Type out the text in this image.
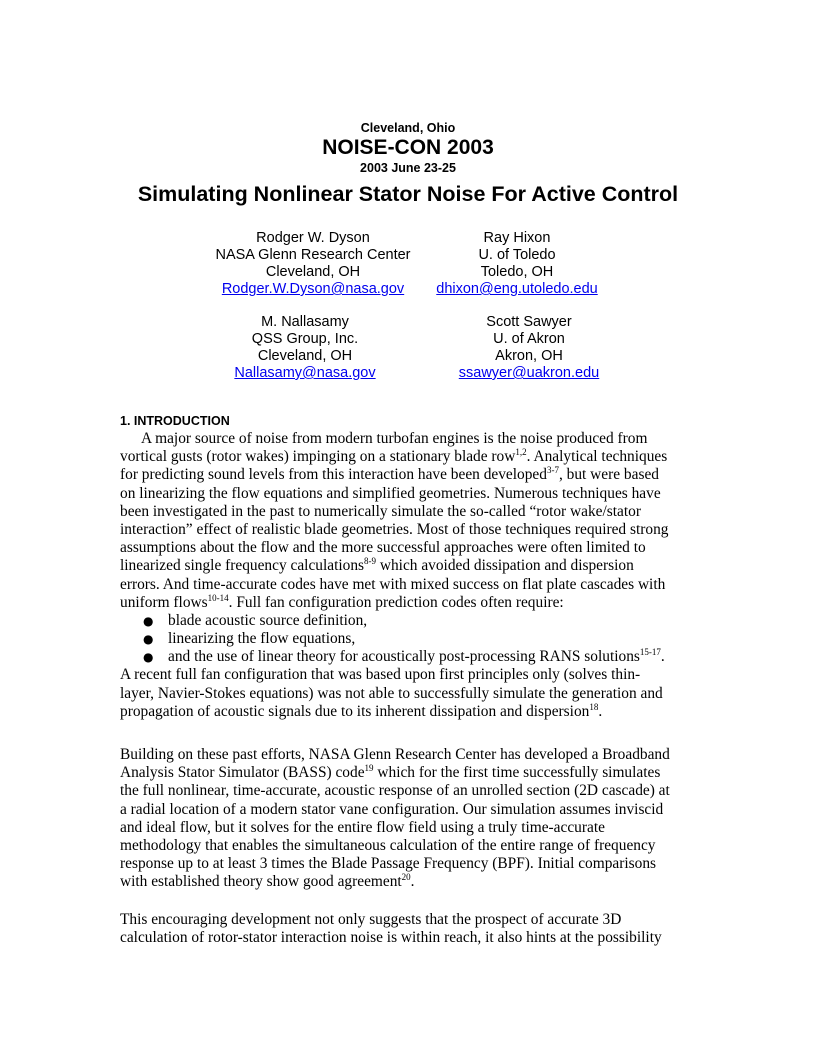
Cleveland, Ohio
NOISE-CON 2003
2003 June 23-25
Simulating Nonlinear Stator Noise For Active Control
Rodger W. Dyson
NASA Glenn Research Center
Cleveland, OH
Rodger.W.Dyson@nasa.gov
Ray Hixon
U. of Toledo
Toledo, OH
dhixon@eng.utoledo.edu
M. Nallasamy
QSS Group, Inc.
Cleveland, OH
Nallasamy@nasa.gov
Scott Sawyer
U. of Akron
Akron, OH
ssawyer@uakron.edu
1. INTRODUCTION
A major source of noise from modern turbofan engines is the noise produced from
vortical gusts (rotor wakes) impinging on a stationary blade row$^{1,2}$. Analytical techniques
for predicting sound levels from this interaction have been developed$^{3-7}$, but were based
on linearizing the flow equations and simplified geometries. Numerous techniques have
been investigated in the past to numerically simulate the so-called “rotor wake/stator
interaction” effect of realistic blade geometries. Most of those techniques required strong
assumptions about the flow and the more successful approaches were often limited to
linearized single frequency calculations$^{8-9}$ which avoided dissipation and dispersion
errors. And time-accurate codes have met with mixed success on flat plate cascades with
uniform flows$^{10-14}$. Full fan configuration prediction codes often require:
● blade acoustic source definition,
● linearizing the flow equations,
● and the use of linear theory for acoustically post-processing RANS solutions$^{15-17}$.
A recent full fan configuration that was based upon first principles only (solves thin-
layer, Navier-Stokes equations) was not able to successfully simulate the generation and
propagation of acoustic signals due to its inherent dissipation and dispersion$^{18}$.
Building on these past efforts, NASA Glenn Research Center has developed a Broadband
Analysis Stator Simulator (BASS) code$^{19}$ which for the first time successfully simulates
the full nonlinear, time-accurate, acoustic response of an unrolled section (2D cascade) at
a radial location of a modern stator vane configuration. Our simulation assumes inviscid
and ideal flow, but it solves for the entire flow field using a truly time-accurate
methodology that enables the simultaneous calculation of the entire range of frequency
response up to at least 3 times the Blade Passage Frequency (BPF). Initial comparisons
with established theory show good agreement$^{20}$.
This encouraging development not only suggests that the prospect of accurate 3D
calculation of rotor-stator interaction noise is within reach, it also hints at the possibility
